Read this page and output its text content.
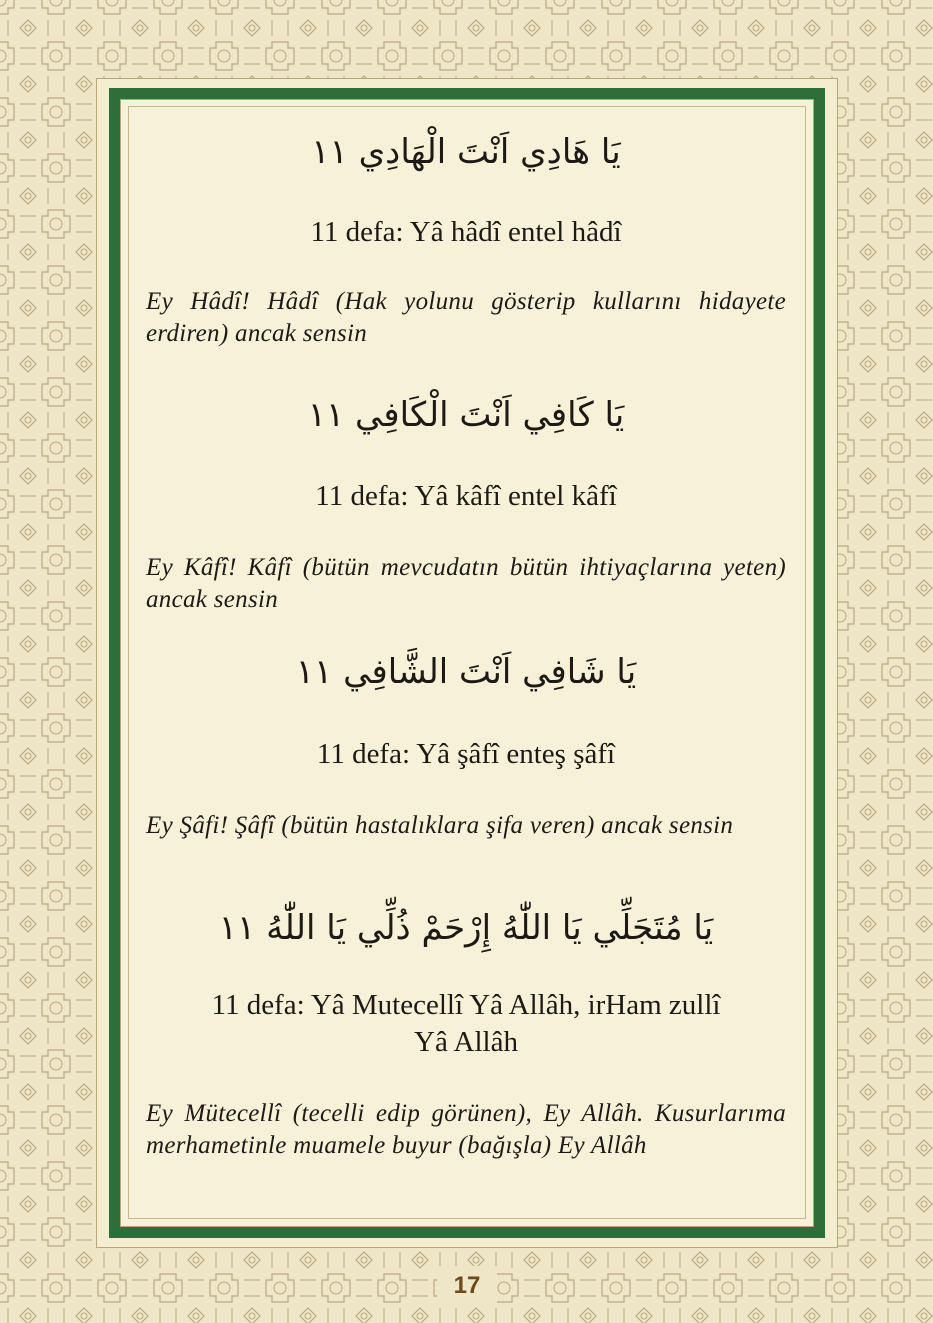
يَا هَادِي اَنْتَ الْهَادِي ١١
11 defa: Yâ hâdî entel hâdî
Ey Hâdî! Hâdî (Hak yolunu gösterip kullarını hidayete erdiren) ancak sensin
يَا كَافِي اَنْتَ الْكَافِي ١١
11 defa: Yâ kâfî entel kâfî
Ey Kâfî! Kâfî (bütün mevcudatın bütün ihtiyaçlarına yeten) ancak sensin
يَا شَافِي اَنْتَ الشَّافِي ١١
11 defa: Yâ şâfî enteş şâfî
Ey Şâfi! Şâfî (bütün hastalıklara şifa veren) ancak sensin
يَا مُتَجَلِّي يَا اللّٰهُ إِرْحَمْ ذُلِّي يَا اللّٰهُ ١١
11 defa: Yâ Mutecellî Yâ Allâh, irHam zullî
Yâ Allâh
Ey Mütecellî (tecelli edip görünen), Ey Allâh. Kusurlarıma merhametinle muamele buyur (bağışla) Ey Allâh
17
